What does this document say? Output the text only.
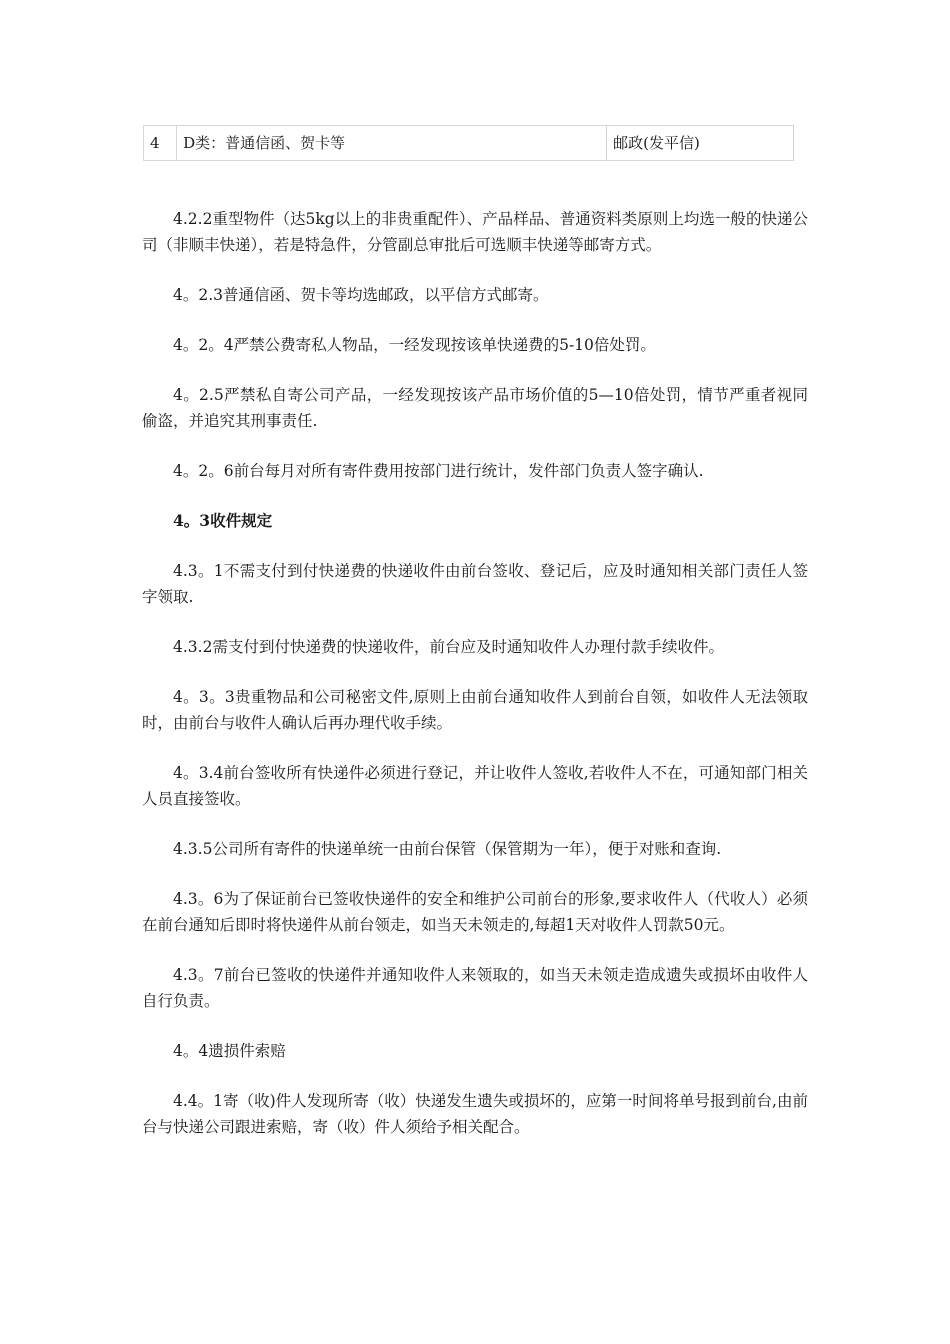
4	D类：普通信函、贺卡等	邮政(发平信)

4.2.2重型物件（达5kg以上的非贵重配件）、产品样品、普通资料类原则上均选一般的快递公司（非顺丰快递），若是特急件，分管副总审批后可选顺丰快递等邮寄方式。

4。2.3普通信函、贺卡等均选邮政，以平信方式邮寄。

4。2。4严禁公费寄私人物品，一经发现按该单快递费的5-10倍处罚。

4。2.5严禁私自寄公司产品，一经发现按该产品市场价值的5—10倍处罚，情节严重者视同偷盗，并追究其刑事责任.

4。2。6前台每月对所有寄件费用按部门进行统计，发件部门负责人签字确认.

4。3收件规定

4.3。1不需支付到付快递费的快递收件由前台签收、登记后，应及时通知相关部门责任人签字领取.

4.3.2需支付到付快递费的快递收件，前台应及时通知收件人办理付款手续收件。

4。3。3贵重物品和公司秘密文件,原则上由前台通知收件人到前台自领，如收件人无法领取时，由前台与收件人确认后再办理代收手续。

4。3.4前台签收所有快递件必须进行登记，并让收件人签收,若收件人不在，可通知部门相关人员直接签收。

4.3.5公司所有寄件的快递单统一由前台保管（保管期为一年），便于对账和查询.

4.3。6为了保证前台已签收快递件的安全和维护公司前台的形象,要求收件人（代收人）必须在前台通知后即时将快递件从前台领走，如当天未领走的,每超1天对收件人罚款50元。

4.3。7前台已签收的快递件并通知收件人来领取的，如当天未领走造成遗失或损坏由收件人自行负责。

4。4遗损件索赔

4.4。1寄（收)件人发现所寄（收）快递发生遗失或损坏的，应第一时间将单号报到前台,由前台与快递公司跟进索赔，寄（收）件人须给予相关配合。
